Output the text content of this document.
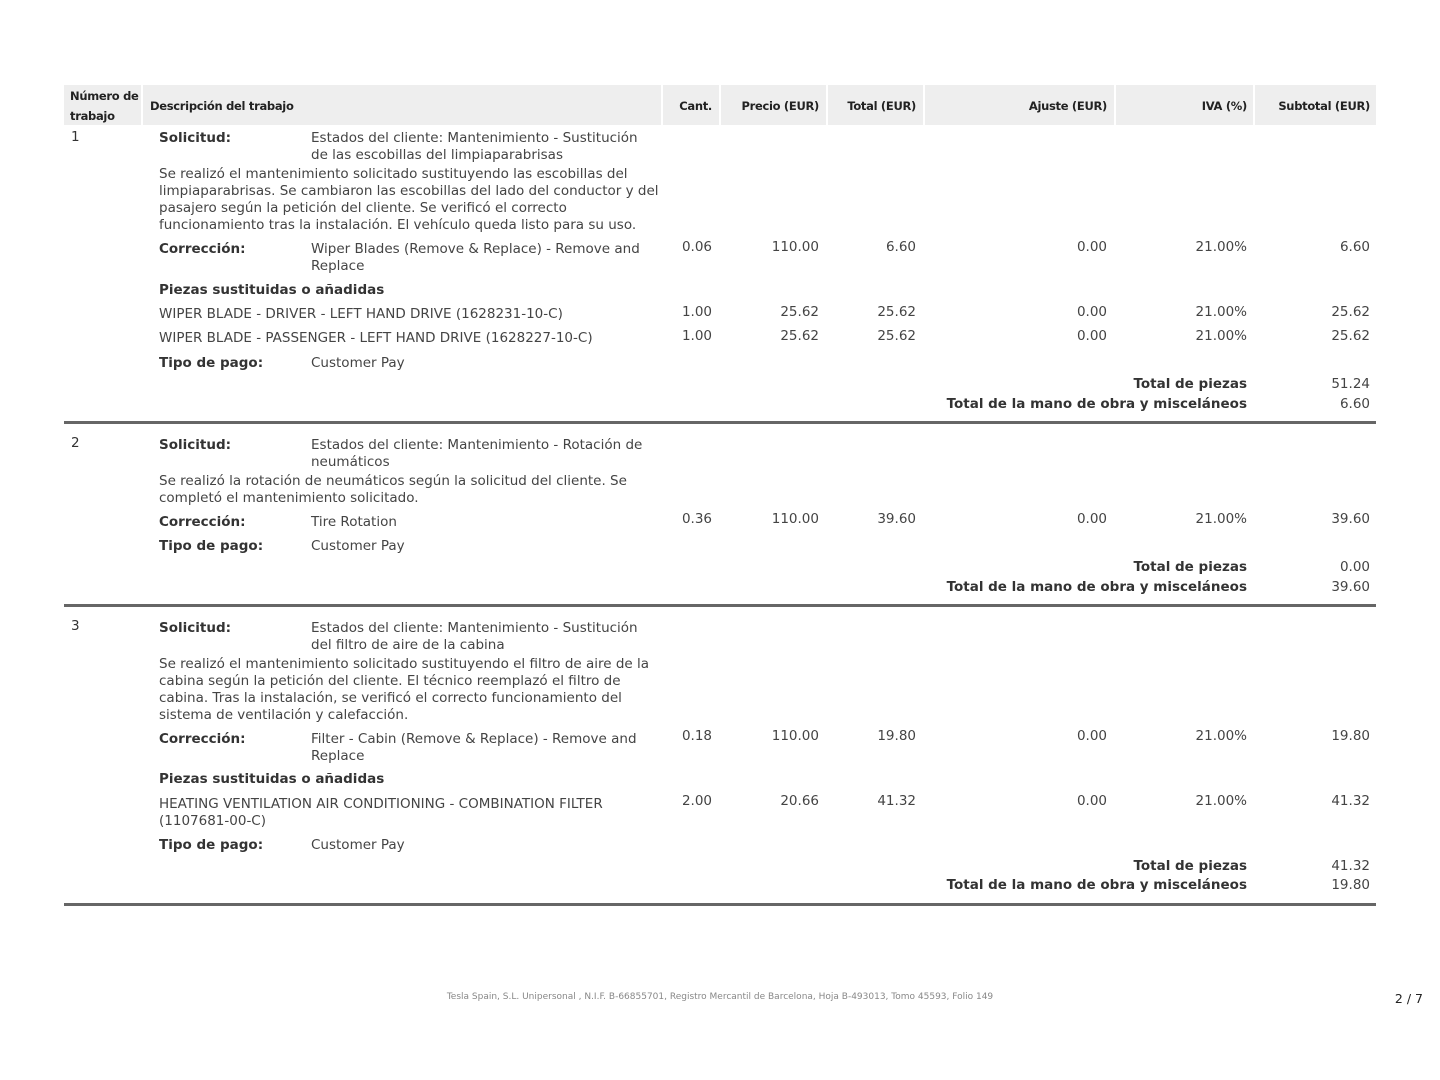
Número de
trabajo
Descripción del trabajo	Cant.	Precio (EUR)	Total (EUR)	Ajuste (EUR)	IVA (%)	Subtotal (EUR)
1	Solicitud:	Estados del cliente: Mantenimiento - Sustitución
de las escobillas del limpiaparabrisas
Se realizó el mantenimiento solicitado sustituyendo las escobillas del
limpiaparabrisas. Se cambiaron las escobillas del lado del conductor y del
pasajero según la petición del cliente. Se verificó el correcto
funcionamiento tras la instalación. El vehículo queda listo para su uso.
Corrección:	Wiper Blades (Remove & Replace) - Remove and
Replace
0.06	110.00	6.60	0.00	21.00%	6.60
Piezas sustituidas o añadidas
WIPER BLADE - DRIVER - LEFT HAND DRIVE (1628231-10-C)	1.00	25.62	25.62	0.00	21.00%	25.62
WIPER BLADE - PASSENGER - LEFT HAND DRIVE (1628227-10-C)	1.00	25.62	25.62	0.00	21.00%	25.62
Tipo de pago:	Customer Pay
Total de piezas	51.24
Total de la mano de obra y misceláneos	6.60
2	Solicitud:	Estados del cliente: Mantenimiento - Rotación de
neumáticos
Se realizó la rotación de neumáticos según la solicitud del cliente. Se
completó el mantenimiento solicitado.
Corrección:	Tire Rotation	0.36	110.00	39.60	0.00	21.00%	39.60
Tipo de pago:	Customer Pay
Total de piezas	0.00
Total de la mano de obra y misceláneos	39.60
3	Solicitud:	Estados del cliente: Mantenimiento - Sustitución
del filtro de aire de la cabina
Se realizó el mantenimiento solicitado sustituyendo el filtro de aire de la
cabina según la petición del cliente. El técnico reemplazó el filtro de
cabina. Tras la instalación, se verificó el correcto funcionamiento del
sistema de ventilación y calefacción.
Corrección:	Filter - Cabin (Remove & Replace) - Remove and
Replace
0.18	110.00	19.80	0.00	21.00%	19.80
Piezas sustituidas o añadidas
HEATING VENTILATION AIR CONDITIONING - COMBINATION FILTER
(1107681-00-C)
2.00	20.66	41.32	0.00	21.00%	41.32
Tipo de pago:	Customer Pay
Total de piezas	41.32
Total de la mano de obra y misceláneos	19.80
Tesla Spain, S.L. Unipersonal , N.I.F. B-66855701, Registro Mercantil de Barcelona, Hoja B-493013, Tomo 45593, Folio 149	2 / 7
